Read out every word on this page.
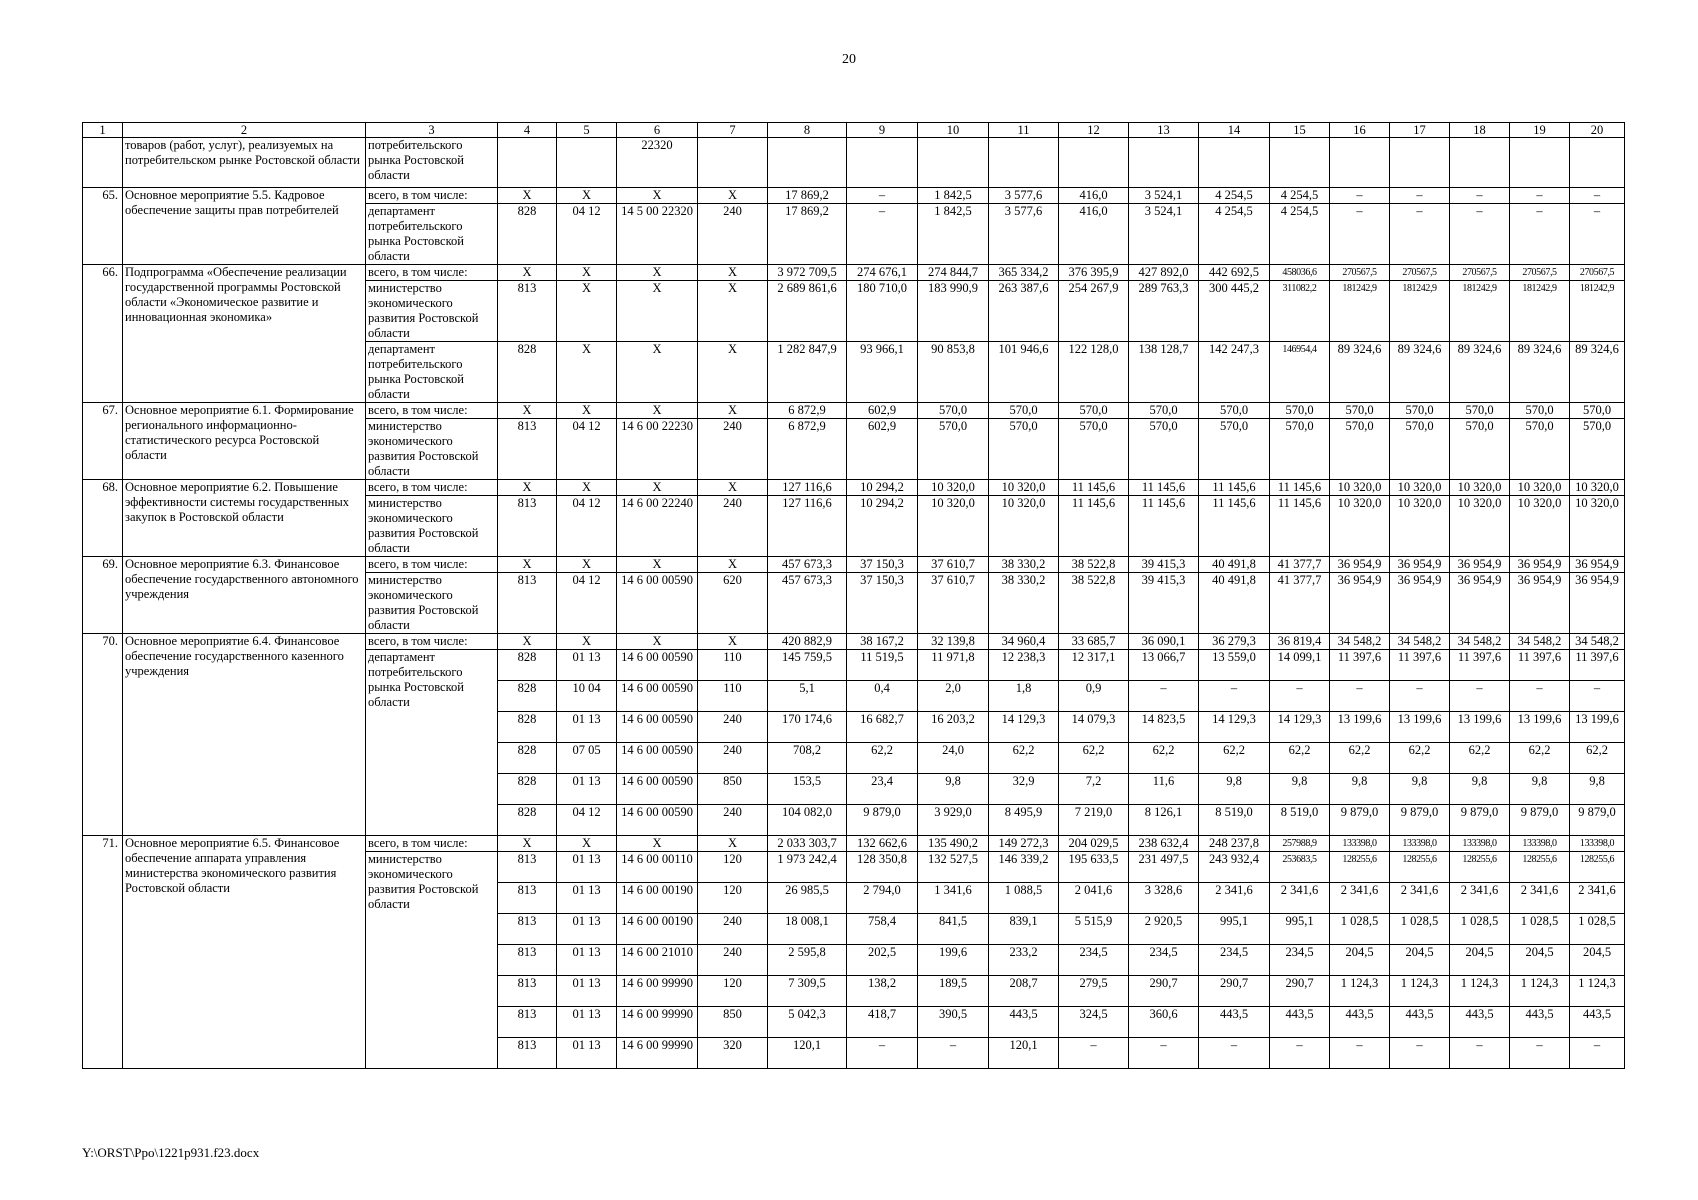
20
1	2	3	4	5	6	7	8	9	10	11	12	13	14	15	16	17	18	19	20
	товаров (работ, услуг), реализуемых на потребительском рынке Ростовской области	потребительского рынка Ростовской области			22320														
65.	Основное мероприятие 5.5. Кадровое обеспечение защиты прав потребителей	всего, в том числе:	Х	Х	Х	Х	17 869,2	–	1 842,5	3 577,6	416,0	3 524,1	4 254,5	4 254,5	–	–	–	–	–
		департамент потребительского рынка Ростовской области	828	04 12	14 5 00 22320	240	17 869,2	–	1 842,5	3 577,6	416,0	3 524,1	4 254,5	4 254,5	–	–	–	–	–
66.	Подпрограмма «Обеспечение реализации государственной программы Ростовской области «Экономическое развитие и инновационная экономика»	всего, в том числе:	Х	Х	Х	Х	3 972 709,5	274 676,1	274 844,7	365 334,2	376 395,9	427 892,0	442 692,5	458036,6	270567,5	270567,5	270567,5	270567,5	270567,5
		министерство экономического развития Ростовской области	813	Х	Х	Х	2 689 861,6	180 710,0	183 990,9	263 387,6	254 267,9	289 763,3	300 445,2	311082,2	181242,9	181242,9	181242,9	181242,9	181242,9
		департамент потребительского рынка Ростовской области	828	Х	Х	Х	1 282 847,9	93 966,1	90 853,8	101 946,6	122 128,0	138 128,7	142 247,3	146954,4	89 324,6	89 324,6	89 324,6	89 324,6	89 324,6
67.	Основное мероприятие 6.1. Формирование регионального информационно-статистического ресурса Ростовской области	всего, в том числе:	Х	Х	Х	Х	6 872,9	602,9	570,0	570,0	570,0	570,0	570,0	570,0	570,0	570,0	570,0	570,0	570,0
		министерство экономического развития Ростовской области	813	04 12	14 6 00 22230	240	6 872,9	602,9	570,0	570,0	570,0	570,0	570,0	570,0	570,0	570,0	570,0	570,0	570,0
68.	Основное мероприятие 6.2. Повышение эффективности системы государственных закупок в Ростовской области	всего, в том числе:	Х	Х	Х	Х	127 116,6	10 294,2	10 320,0	10 320,0	11 145,6	11 145,6	11 145,6	11 145,6	10 320,0	10 320,0	10 320,0	10 320,0	10 320,0
		министерство экономического развития Ростовской области	813	04 12	14 6 00 22240	240	127 116,6	10 294,2	10 320,0	10 320,0	11 145,6	11 145,6	11 145,6	11 145,6	10 320,0	10 320,0	10 320,0	10 320,0	10 320,0
69.	Основное мероприятие 6.3. Финансовое обеспечение государственного автономного учреждения	всего, в том числе:	Х	Х	Х	Х	457 673,3	37 150,3	37 610,7	38 330,2	38 522,8	39 415,3	40 491,8	41 377,7	36 954,9	36 954,9	36 954,9	36 954,9	36 954,9
		министерство экономического развития Ростовской области	813	04 12	14 6 00 00590	620	457 673,3	37 150,3	37 610,7	38 330,2	38 522,8	39 415,3	40 491,8	41 377,7	36 954,9	36 954,9	36 954,9	36 954,9	36 954,9
70.	Основное мероприятие 6.4. Финансовое обеспечение государственного казенного учреждения	всего, в том числе:	Х	Х	Х	Х	420 882,9	38 167,2	32 139,8	34 960,4	33 685,7	36 090,1	36 279,3	36 819,4	34 548,2	34 548,2	34 548,2	34 548,2	34 548,2
		департамент потребительского рынка Ростовской области	828	01 13	14 6 00 00590	110	145 759,5	11 519,5	11 971,8	12 238,3	12 317,1	13 066,7	13 559,0	14 099,1	11 397,6	11 397,6	11 397,6	11 397,6	11 397,6
			828	10 04	14 6 00 00590	110	5,1	0,4	2,0	1,8	0,9	–	–	–	–	–	–	–	–
			828	01 13	14 6 00 00590	240	170 174,6	16 682,7	16 203,2	14 129,3	14 079,3	14 823,5	14 129,3	14 129,3	13 199,6	13 199,6	13 199,6	13 199,6	13 199,6
			828	07 05	14 6 00 00590	240	708,2	62,2	24,0	62,2	62,2	62,2	62,2	62,2	62,2	62,2	62,2	62,2	62,2
			828	01 13	14 6 00 00590	850	153,5	23,4	9,8	32,9	7,2	11,6	9,8	9,8	9,8	9,8	9,8	9,8	9,8
			828	04 12	14 6 00 00590	240	104 082,0	9 879,0	3 929,0	8 495,9	7 219,0	8 126,1	8 519,0	8 519,0	9 879,0	9 879,0	9 879,0	9 879,0	9 879,0
71.	Основное мероприятие 6.5. Финансовое обеспечение аппарата управления министерства экономического развития Ростовской области	всего, в том числе:	Х	Х	Х	Х	2 033 303,7	132 662,6	135 490,2	149 272,3	204 029,5	238 632,4	248 237,8	257988,9	133398,0	133398,0	133398,0	133398,0	133398,0
		министерство экономического развития Ростовской области	813	01 13	14 6 00 00110	120	1 973 242,4	128 350,8	132 527,5	146 339,2	195 633,5	231 497,5	243 932,4	253683,5	128255,6	128255,6	128255,6	128255,6	128255,6
			813	01 13	14 6 00 00190	120	26 985,5	2 794,0	1 341,6	1 088,5	2 041,6	3 328,6	2 341,6	2 341,6	2 341,6	2 341,6	2 341,6	2 341,6	2 341,6
			813	01 13	14 6 00 00190	240	18 008,1	758,4	841,5	839,1	5 515,9	2 920,5	995,1	995,1	1 028,5	1 028,5	1 028,5	1 028,5	1 028,5
			813	01 13	14 6 00 21010	240	2 595,8	202,5	199,6	233,2	234,5	234,5	234,5	234,5	204,5	204,5	204,5	204,5	204,5
			813	01 13	14 6 00 99990	120	7 309,5	138,2	189,5	208,7	279,5	290,7	290,7	290,7	1 124,3	1 124,3	1 124,3	1 124,3	1 124,3
			813	01 13	14 6 00 99990	850	5 042,3	418,7	390,5	443,5	324,5	360,6	443,5	443,5	443,5	443,5	443,5	443,5	443,5
			813	01 13	14 6 00 99990	320	120,1	–	–	120,1	–	–	–	–	–	–	–	–	–
Y:\ORST\Ppo\1221p931.f23.docx
